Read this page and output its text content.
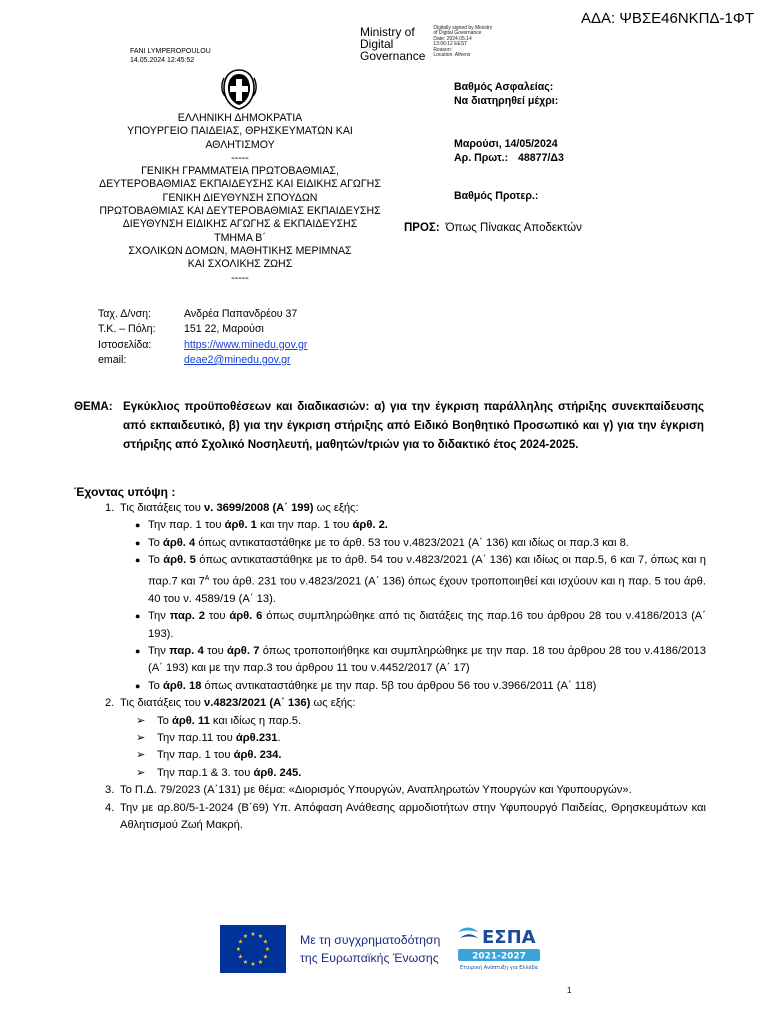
ΑΔΑ: ΨΒΣΕ46ΝΚΠΔ-1ΦΤ
FANI LYMPEROPOULOU
14.05.2024 12:45:52
Ministry of
Digital
Governance
Digitally signed by Ministry
of Digital Governance
Date: 2024.05.14
13:06:12 EEST
Reason:
Location: Athens
ΕΛΛΗΝΙΚΗ ΔΗΜΟΚΡΑΤΙΑ
ΥΠΟΥΡΓΕΙΟ ΠΑΙΔΕΙΑΣ, ΘΡΗΣΚΕΥΜΑΤΩΝ ΚΑΙ
ΑΘΛΗΤΙΣΜΟΥ
-----
ΓΕΝΙΚΗ ΓΡΑΜΜΑΤΕΙΑ ΠΡΩΤΟΒΑΘΜΙΑΣ,
ΔΕΥΤΕΡΟΒΑΘΜΙΑΣ ΕΚΠΑΙΔΕΥΣΗΣ ΚΑΙ ΕΙΔΙΚΗΣ ΑΓΩΓΗΣ
ΓΕΝΙΚΗ ΔΙΕΥΘΥΝΣΗ ΣΠΟΥΔΩΝ
ΠΡΩΤΟΒΑΘΜΙΑΣ ΚΑΙ ΔΕΥΤΕΡΟΒΑΘΜΙΑΣ ΕΚΠΑΙΔΕΥΣΗΣ
ΔΙΕΥΘΥΝΣΗ ΕΙΔΙΚΗΣ ΑΓΩΓΗΣ & ΕΚΠΑΙΔΕΥΣΗΣ
ΤΜΗΜΑ Β΄
ΣΧΟΛΙΚΩΝ ΔΟΜΩΝ, ΜΑΘΗΤΙΚΗΣ ΜΕΡΙΜΝΑΣ
ΚΑΙ ΣΧΟΛΙΚΗΣ ΖΩΗΣ
-----
Ταχ. Δ/νση:	Ανδρέα Παπανδρέου 37
Τ.Κ. – Πόλη:	151 22, Μαρούσι
Ιστοσελίδα:	https://www.minedu.gov.gr
email:	deae2@minedu.gov.gr
Βαθμός Ασφαλείας:
Να διατηρηθεί μέχρι:
Μαρούσι, 14/05/2024
Αρ. Πρωτ.: 48877/Δ3
Βαθμός Προτερ.:
ΠΡΟΣ: Όπως Πίνακας Αποδεκτών
ΘΕΜΑ: Εγκύκλιος προϋποθέσεων και διαδικασιών: α) για την έγκριση παράλληλης στήριξης συνεκπαίδευσης από εκπαιδευτικό, β) για την έγκριση στήριξης από Ειδικό Βοηθητικό Προσωπικό και γ) για την έγκριση στήριξης από Σχολικό Νοσηλευτή, μαθητών/τριών για το διδακτικό έτος 2024-2025.
Έχοντας υπόψη :
1. Τις διατάξεις του ν. 3699/2008 (Α΄ 199) ως εξής:
● Την παρ. 1 του άρθ. 1 και την παρ. 1 του άρθ. 2.
● Το άρθ. 4 όπως αντικαταστάθηκε με το άρθ. 53 του ν.4823/2021 (Α΄ 136) και ιδίως οι παρ.3 και 8.
● Το άρθ. 5 όπως αντικαταστάθηκε με το άρθ. 54 του ν.4823/2021 (Α΄ 136) και ιδίως οι παρ.5, 6 και 7, όπως και η παρ.7 και $7^A$ του άρθ. 231 του ν.4823/2021 (Α΄ 136) όπως έχουν τροποποιηθεί και ισχύουν και η παρ. 5 του άρθ. 40 του ν. 4589/19 (Α΄ 13).
● Την παρ. 2 του άρθ. 6 όπως συμπληρώθηκε από τις διατάξεις της παρ.16 του άρθρου 28 του ν.4186/2013 (Α΄ 193).
● Την παρ. 4 του άρθ. 7 όπως τροποποιήθηκε και συμπληρώθηκε με την παρ. 18 του άρθρου 28 του ν.4186/2013 (Α΄ 193) και με την παρ.3 του άρθρου 11 του ν.4452/2017 (Α΄ 17)
● Το άρθ. 18 όπως αντικαταστάθηκε με την παρ. 5β του άρθρου 56 του ν.3966/2011 (Α΄ 118)
2. Τις διατάξεις του ν.4823/2021 (Α΄ 136) ως εξής:
➢ Το άρθ. 11 και ιδίως η παρ.5.
➢ Την παρ.11 του άρθ.231.
➢ Την παρ. 1 του άρθ. 234.
➢ Την παρ.1 & 3. του άρθ. 245.
3. Το Π.Δ. 79/2023 (Α΄131) με θέμα: «Διορισμός Υπουργών, Αναπληρωτών Υπουργών και Υφυπουργών».
4. Την με αρ.80/5-1-2024 (Β΄69) Υπ. Απόφαση Ανάθεσης αρμοδιοτήτων στην Υφυπουργό Παιδείας, Θρησκευμάτων και Αθλητισμού Ζωή Μακρή.
★ ★
★
★
★
★
★
★
★
★
★
★	Με τη συγχρηματοδότηση
της Ευρωπαϊκής Ένωσης
ΕΣΠΑ
2021-2027
Εταιρική Ανάπτυξη για Ελλάδα
1
